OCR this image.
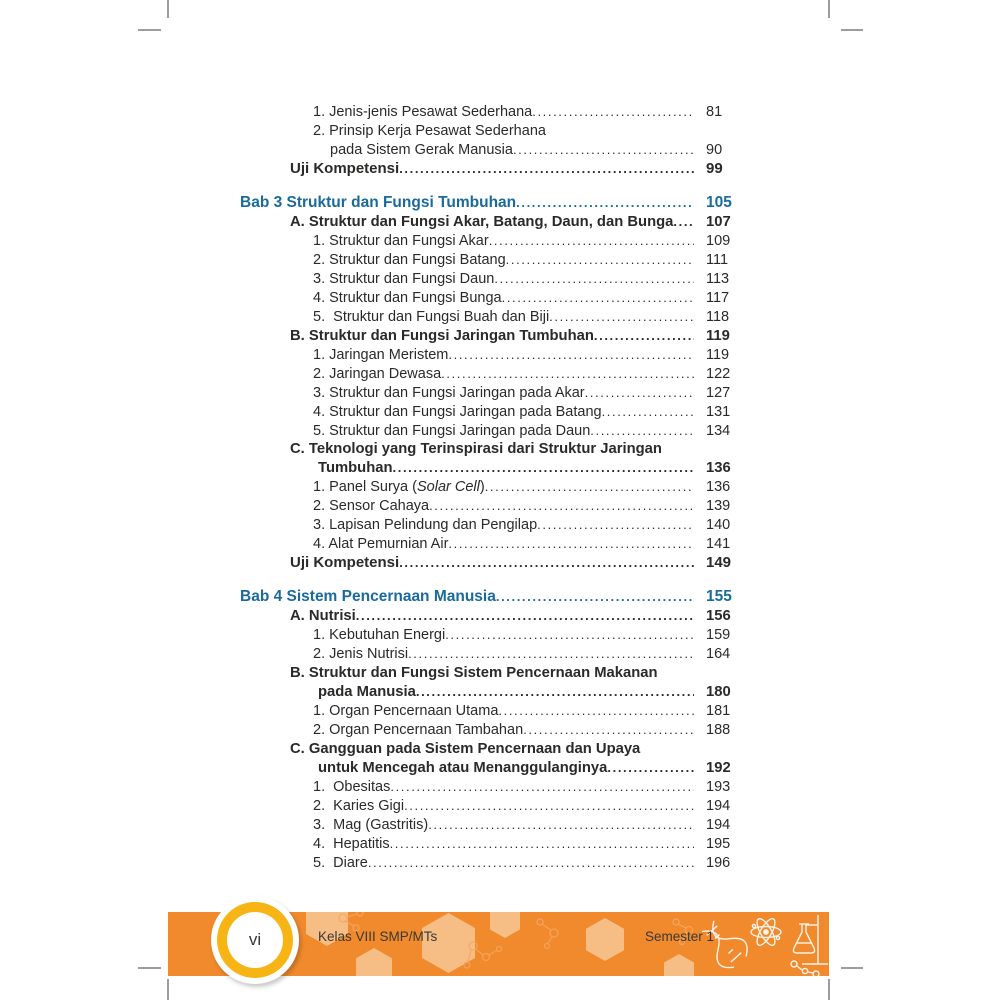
1. Jenis-jenis Pesawat Sederhana .....	81
2. Prinsip Kerja Pesawat Sederhana
pada Sistem Gerak Manusia .....	90
Uji Kompetensi .....	99
Bab 3 Struktur dan Fungsi Tumbuhan .....	105
A. Struktur dan Fungsi Akar, Batang, Daun, dan Bunga .....	107
1. Struktur dan Fungsi Akar .....	109
2. Struktur dan Fungsi Batang .....	111
3. Struktur dan Fungsi Daun .....	113
4. Struktur dan Fungsi Bunga .....	117
5.  Struktur dan Fungsi Buah dan Biji .....	118
B. Struktur dan Fungsi Jaringan Tumbuhan .....	119
1. Jaringan Meristem .....	119
2. Jaringan Dewasa .....	122
3. Struktur dan Fungsi Jaringan pada Akar .....	127
4. Struktur dan Fungsi Jaringan pada Batang .....	131
5. Struktur dan Fungsi Jaringan pada Daun .....	134
C. Teknologi yang Terinspirasi dari Struktur Jaringan
Tumbuhan .....	136
1. Panel Surya (Solar Cell) .....	136
2. Sensor Cahaya .....	139
3. Lapisan Pelindung dan Pengilap .....	140
4. Alat Pemurnian Air .....	141
Uji Kompetensi .....	149
Bab 4 Sistem Pencernaan Manusia .....	155
A. Nutrisi .....	156
1. Kebutuhan Energi .....	159
2. Jenis Nutrisi .....	164
B. Struktur dan Fungsi Sistem Pencernaan Makanan
pada Manusia .....	180
1. Organ Pencernaan Utama .....	181
2. Organ Pencernaan Tambahan .....	188
C. Gangguan pada Sistem Pencernaan dan Upaya
untuk Mencegah atau Menanggulanginya .....	192
1.  Obesitas .....	193
2.  Karies Gigi .....	194
3.  Mag (Gastritis) .....	194
4.  Hepatitis .....	195
5.  Diare .....	196
vi	Kelas VIII SMP/MTs	Semester 1
